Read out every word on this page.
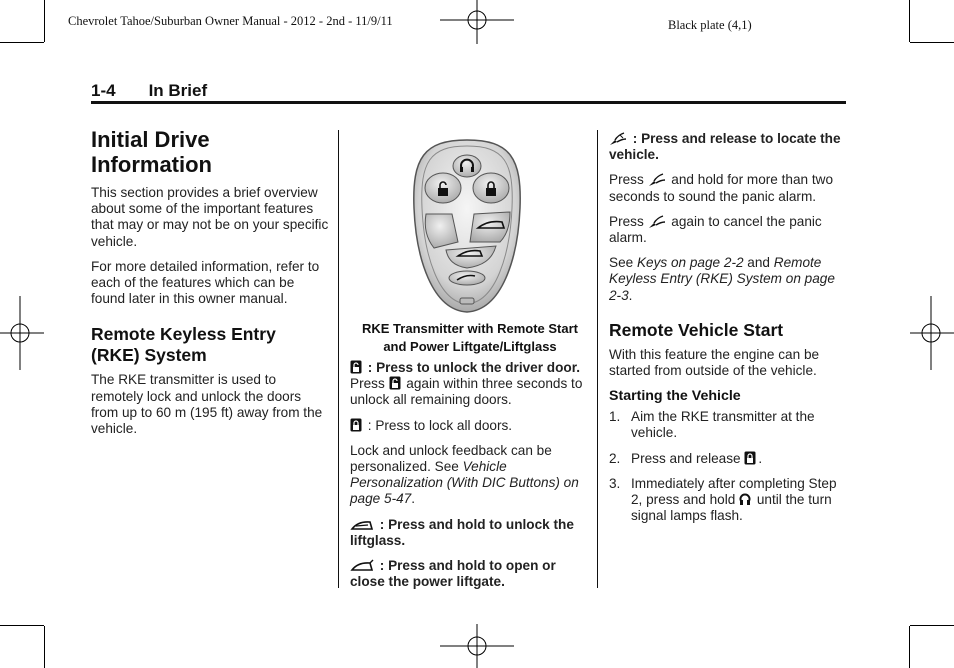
Chevrolet Tahoe/Suburban Owner Manual - 2012 - 2nd - 11/9/11	Black plate (4,1)
1-4 In Brief
Initial Drive Information

This section provides a brief overview about some of the important features that may or may not be on your specific vehicle.

For more detailed information, refer to each of the features which can be found later in this owner manual.

Remote Keyless Entry (RKE) System

The RKE transmitter is used to remotely lock and unlock the doors from up to 60 m (195 ft) away from the vehicle.

RKE Transmitter with Remote Start and Power Liftgate/Liftglass

: Press to unlock the driver door.
Press  again within three seconds to unlock all remaining doors.

: Press to lock all doors.

Lock and unlock feedback can be personalized. See Vehicle Personalization (With DIC Buttons) on page 5-47.

: Press and hold to unlock the liftglass.

: Press and hold to open or close the power liftgate.

: Press and release to locate the vehicle.

Press  and hold for more than two seconds to sound the panic alarm.

Press  again to cancel the panic alarm.

See Keys on page 2-2 and Remote Keyless Entry (RKE) System on page 2-3.

Remote Vehicle Start

With this feature the engine can be started from outside of the vehicle.

Starting the Vehicle
1. Aim the RKE transmitter at the vehicle.
2. Press and release .
3. Immediately after completing Step 2, press and hold  until the turn signal lamps flash.
